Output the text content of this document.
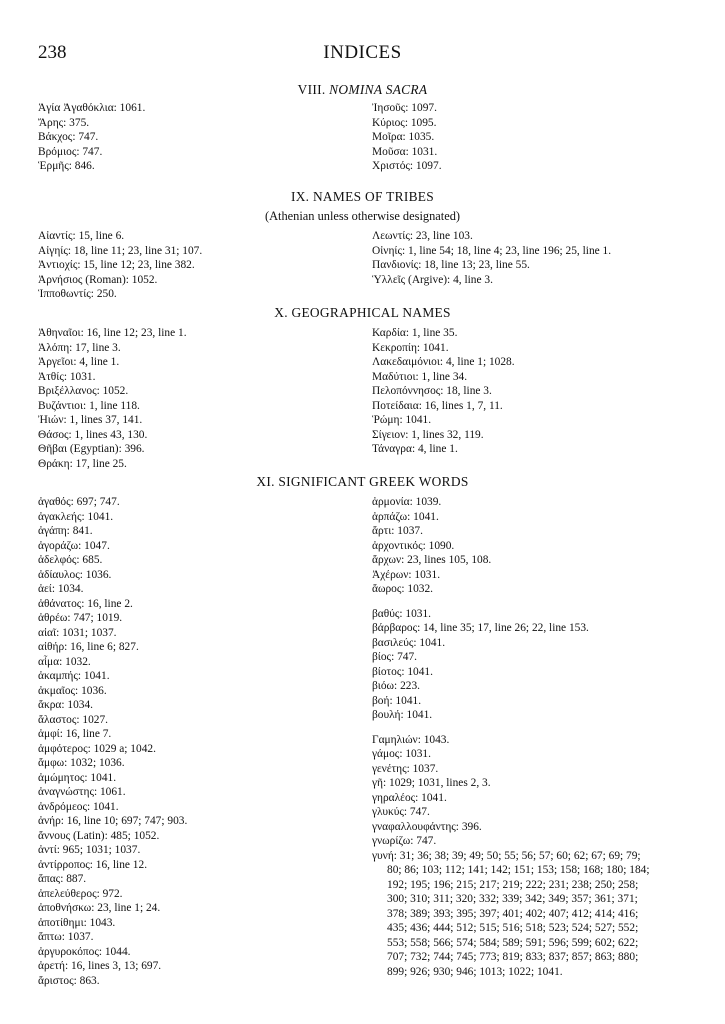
238	INDICES
VIII. NOMINA SACRA
Ἁγία Ἀγαθόκλια: 1061.
Ἄρης: 375.
Βάκχος: 747.
Βρόμιος: 747.
Ἑρμῆς: 846.
Ἰησοῦς: 1097.
Κύριος: 1095.
Μοῖρα: 1035.
Μοῦσα: 1031.
Χριστός: 1097.
IX. NAMES OF TRIBES
(Athenian unless otherwise designated)
Αἰαντίς: 15, line 6.
Αἰγηίς: 18, line 11; 23, line 31; 107.
Ἀντιοχίς: 15, line 12; 23, line 382.
Ἀρνήσιος (Roman): 1052.
Ἱπποθωντίς: 250.
Λεωντίς: 23, line 103.
Οἰνηίς: 1, line 54; 18, line 4; 23, line 196; 25, line 1.
Πανδιονίς: 18, line 13; 23, line 55.
Ὑλλεῖς (Argive): 4, line 3.
X. GEOGRAPHICAL NAMES
Ἀθηναῖοι: 16, line 12; 23, line 1.
Ἀλόπη: 17, line 3.
Ἀργεῖοι: 4, line 1.
Ἀτθίς: 1031.
Βριξέλλανος: 1052.
Βυζάντιοι: 1, line 118.
Ἠιών: 1, lines 37, 141.
Θάσος: 1, lines 43, 130.
Θῆβαι (Egyptian): 396.
Θράκη: 17, line 25.
Καρδία: 1, line 35.
Κεκροπίη: 1041.
Λακεδαιμόνιοι: 4, line 1; 1028.
Μαδύτιοι: 1, line 34.
Πελοπόννησος: 18, line 3.
Ποτείδαια: 16, lines 1, 7, 11.
Ῥώμη: 1041.
Σίγειον: 1, lines 32, 119.
Τάναγρα: 4, line 1.
XI. SIGNIFICANT GREEK WORDS
ἀγαθός: 697; 747.
ἀγακλεής: 1041.
ἀγάπη: 841.
ἀγοράζω: 1047.
ἀδελφός: 685.
ἀδίαυλος: 1036.
ἀεί: 1034.
ἀθάνατος: 16, line 2.
ἀθρέω: 747; 1019.
αἰαῖ: 1031; 1037.
αἰθήρ: 16, line 6; 827.
αἷμα: 1032.
ἀκαμπής: 1041.
ἀκμαῖος: 1036.
ἄκρα: 1034.
ἄλαστος: 1027.
ἀμφί: 16, line 7.
ἀμφότερος: 1029 a; 1042.
ἄμφω: 1032; 1036.
ἀμώμητος: 1041.
ἀναγνώστης: 1061.
ἀνδρόμεος: 1041.
ἀνήρ: 16, line 10; 697; 747; 903.
ἄννους (Latin): 485; 1052.
ἀντί: 965; 1031; 1037.
ἀντίρροπος: 16, line 12.
ἅπας: 887.
ἀπελεύθερος: 972.
ἀποθνήσκω: 23, line 1; 24.
ἀποτίθημι: 1043.
ἅπτω: 1037.
ἀργυροκόπος: 1044.
ἀρετή: 16, lines 3, 13; 697.
ἄριστος: 863.
ἁρμονία: 1039.
ἁρπάζω: 1041.
ἄρτι: 1037.
ἀρχοντικός: 1090.
ἄρχων: 23, lines 105, 108.
Ἀχέρων: 1031.
ἄωρος: 1032.
βαθύς: 1031.
βάρβαρος: 14, line 35; 17, line 26; 22, line 153.
βασιλεύς: 1041.
βίος: 747.
βίοτος: 1041.
βιόω: 223.
βοή: 1041.
βουλή: 1041.
Γαμηλιών: 1043.
γάμος: 1031.
γενέτης: 1037.
γῆ: 1029; 1031, lines 2, 3.
γηραλέος: 1041.
γλυκύς: 747.
γναφαλλουφάντης: 396.
γνωρίζω: 747.
γυνή: 31; 36; 38; 39; 49; 50; 55; 56; 57; 60; 62; 67; 69; 79;
80; 86; 103; 112; 141; 142; 151; 153; 158; 168; 180; 184;
192; 195; 196; 215; 217; 219; 222; 231; 238; 250; 258;
300; 310; 311; 320; 332; 339; 342; 349; 357; 361; 371;
378; 389; 393; 395; 397; 401; 402; 407; 412; 414; 416;
435; 436; 444; 512; 515; 516; 518; 523; 524; 527; 552;
553; 558; 566; 574; 584; 589; 591; 596; 599; 602; 622;
707; 732; 744; 745; 773; 819; 833; 837; 857; 863; 880;
899; 926; 930; 946; 1013; 1022; 1041.
